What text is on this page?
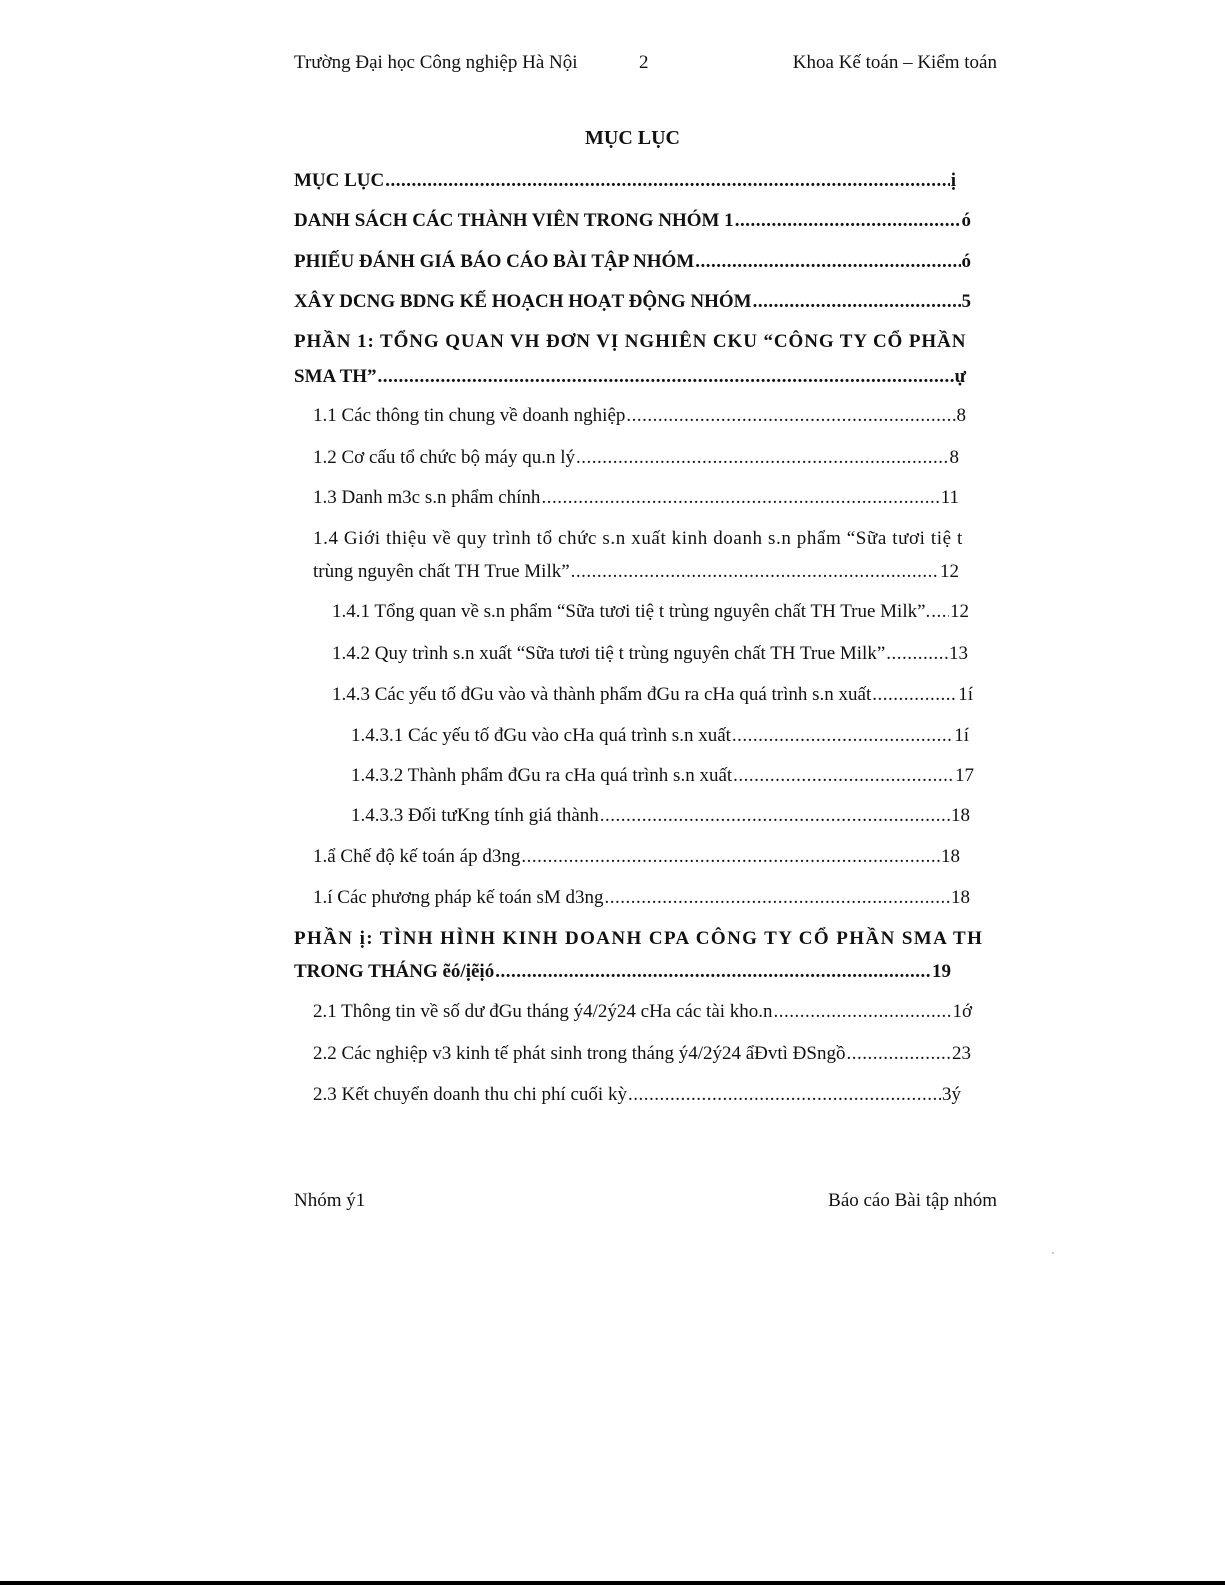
Trường Đại học Công nghiệp Hà Nội	2	Khoa Kế toán – Kiểm toán
MỤC LỤC
MỤC LỤC .....	ị
DANH SÁCH CÁC THÀNH VIÊN TRONG NHÓM 1 .....	ó
PHIẾU ĐÁNH GIÁ BÁO CÁO BÀI TẬP NHÓM .....	ó
XÂY DCNG BDNG KẾ HOẠCH HOẠT ĐỘNG NHÓM .....	5
PHẦN 1: TỔNG QUAN VH ĐƠN VỊ NGHIÊN CKU “CÔNG TY CỔ PHẦN
SMA TH” .....	ự
1.1 Các thông tin chung về doanh nghiệp .....	8
1.2 Cơ cấu tổ chức bộ máy qu.n lý .....	8
1.3 Danh m3c s.n phẩm chính .....	11
1.4 Giới thiệu về quy trình tổ chức s.n xuất kinh doanh s.n phẩm “Sữa tươi tiệ t
trùng nguyên chất TH True Milk” .....	12
1.4.1 Tổng quan về s.n phẩm “Sữa tươi tiệ t trùng nguyên chất TH True Milk”. ..... 12
1.4.2 Quy trình s.n xuất “Sữa tươi tiệ t trùng nguyên chất TH True Milk” .....	13
1.4.3 Các yếu tố đGu vào và thành phẩm đGu ra cHa quá trình s.n xuất .....	1í
1.4.3.1 Các yếu tố đGu vào cHa quá trình s.n xuất .....	1í
1.4.3.2 Thành phẩm đGu ra cHa quá trình s.n xuất .....	17
1.4.3.3 Đối tưKng tính giá thành .....	18
1.ẩ Chế độ kế toán áp d3ng .....	18
1.í Các phương pháp kế toán sM d3ng .....	18
PHẦN ị: TÌNH HÌNH KINH DOANH CPA CÔNG TY CỔ PHẦN SMA TH
TRONG THÁNG ẽó/ịẽịó .....	19
2.1 Thông tin về số dư đGu tháng ý4/2ý24 cHa các tài kho.n .....	1ớ
2.2 Các nghiệp v3 kinh tế phát sinh trong tháng ý4/2ý24 ẩĐvtì ĐSngồ .....	23
2.3 Kết chuyển doanh thu chi phí cuối kỳ .....	3ý
Nhóm ý1	Báo cáo Bài tập nhóm
